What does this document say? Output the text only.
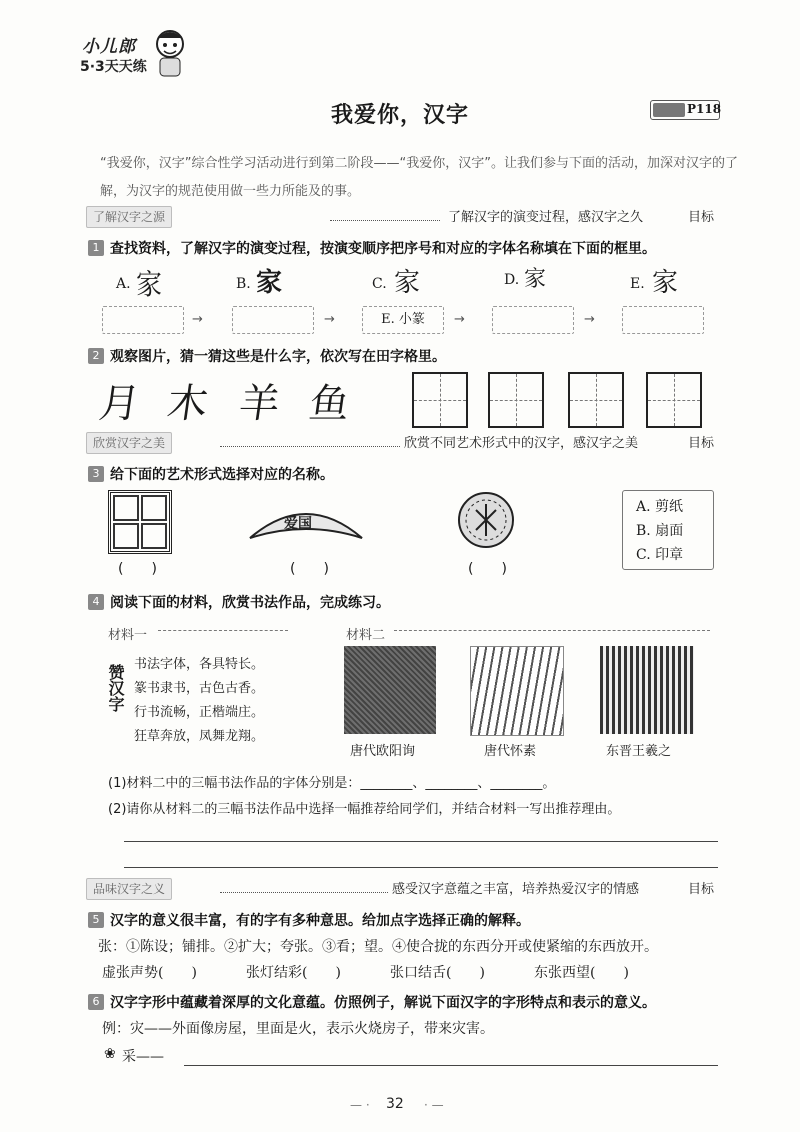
小儿郎
5·3天天练
我爱你，汉字	P118
“我爱你，汉字”综合性学习活动进行到第二阶段——“我爱你，汉字”。让我们参与下面的活动，加深对汉字的了解，为汉字的规范使用做一些力所能及的事。
了解汉字之源	了解汉字的演变过程，感汉字之久	目标
1 查找资料，了解汉字的演变过程，按演变顺序把序号和对应的字体名称填在下面的框里。
A. 家	B. 家	C. 家	D. 家	E. 家
→	→	E. 小篆	→	→
2 观察图片，猜一猜这些是什么字，依次写在田字格里。
月 木 羊 鱼
欣赏汉字之美	欣赏不同艺术形式中的汉字，感汉字之美	目标
3 给下面的艺术形式选择对应的名称。
爱国
(　　)	(　　)	(　　)
A. 剪纸
B. 扇面
C. 印章
4 阅读下面的材料，欣赏书法作品，完成练习。
材料一	材料二
赞汉字 书法字体，各具特长。
篆书隶书，古色古香。
行书流畅，正楷端庄。
狂草奔放，凤舞龙翔。
唐代欧阳询	唐代怀素	东晋王羲之
(1)材料二中的三幅书法作品的字体分别是：________、________、________。
(2)请你从材料二的三幅书法作品中选择一幅推荐给同学们，并结合材料一写出推荐理由。
品味汉字之义	感受汉字意蕴之丰富，培养热爱汉字的情感	目标
5 汉字的意义很丰富，有的字有多种意思。给加点字选择正确的解释。
张：①陈设；铺排。②扩大；夸张。③看；望。④使合拢的东西分开或使紧缩的东西放开。
虚张声势(　　)	张灯结彩(　　)	张口结舌(　　)	东张西望(　　)
6 汉字字形中蕴藏着深厚的文化意蕴。仿照例子，解说下面汉字的字形特点和表示的意义。
例：灾——外面像房屋，里面是火，表示火烧房子，带来灾害。
❀ 采——
— · 32 · —
